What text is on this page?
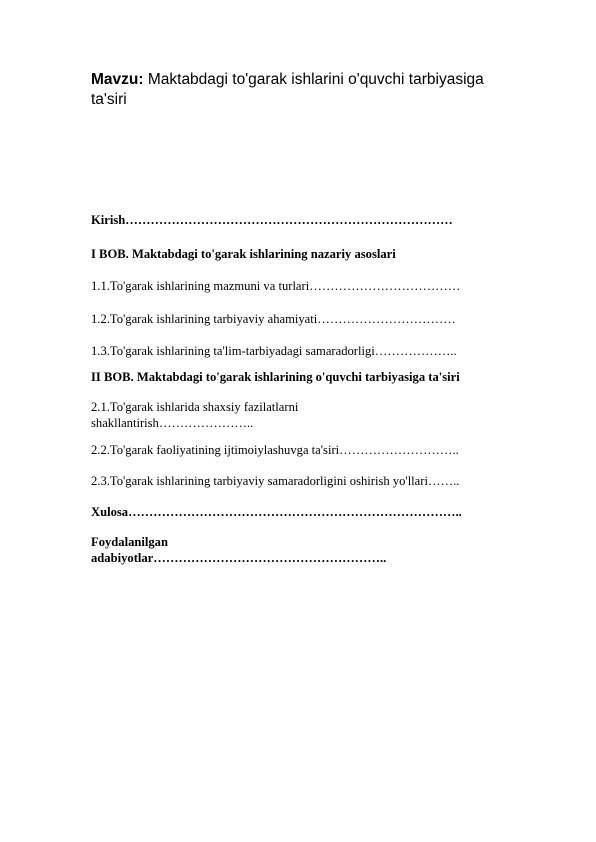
Mavzu: Maktabdagi to'garak ishlarini o'quvchi tarbiyasiga ta'siri

Kirish……………………………………………………………………

I BOB. Maktabdagi to'garak ishlarining nazariy asoslari

1.1.To'garak ishlarining mazmuni va turlari………………………………

1.2.To'garak ishlarining tarbiyaviy ahamiyati……………………………

1.3.To'garak ishlarining ta'lim-tarbiyadagi samaradorligi………………..

II BOB. Maktabdagi to'garak ishlarining o'quvchi tarbiyasiga ta'siri

2.1.To'garak ishlarida shaxsiy fazilatlarni
shakllantirish…………………..

2.2.To'garak faoliyatining ijtimoiylashuvga ta'siri………………………..

2.3.To'garak ishlarining tarbiyaviy samaradorligini oshirish yo'llari……..

Xulosa……………………………………………………………………..

Foydalanilgan
adabiyotlar………………………………………………..
